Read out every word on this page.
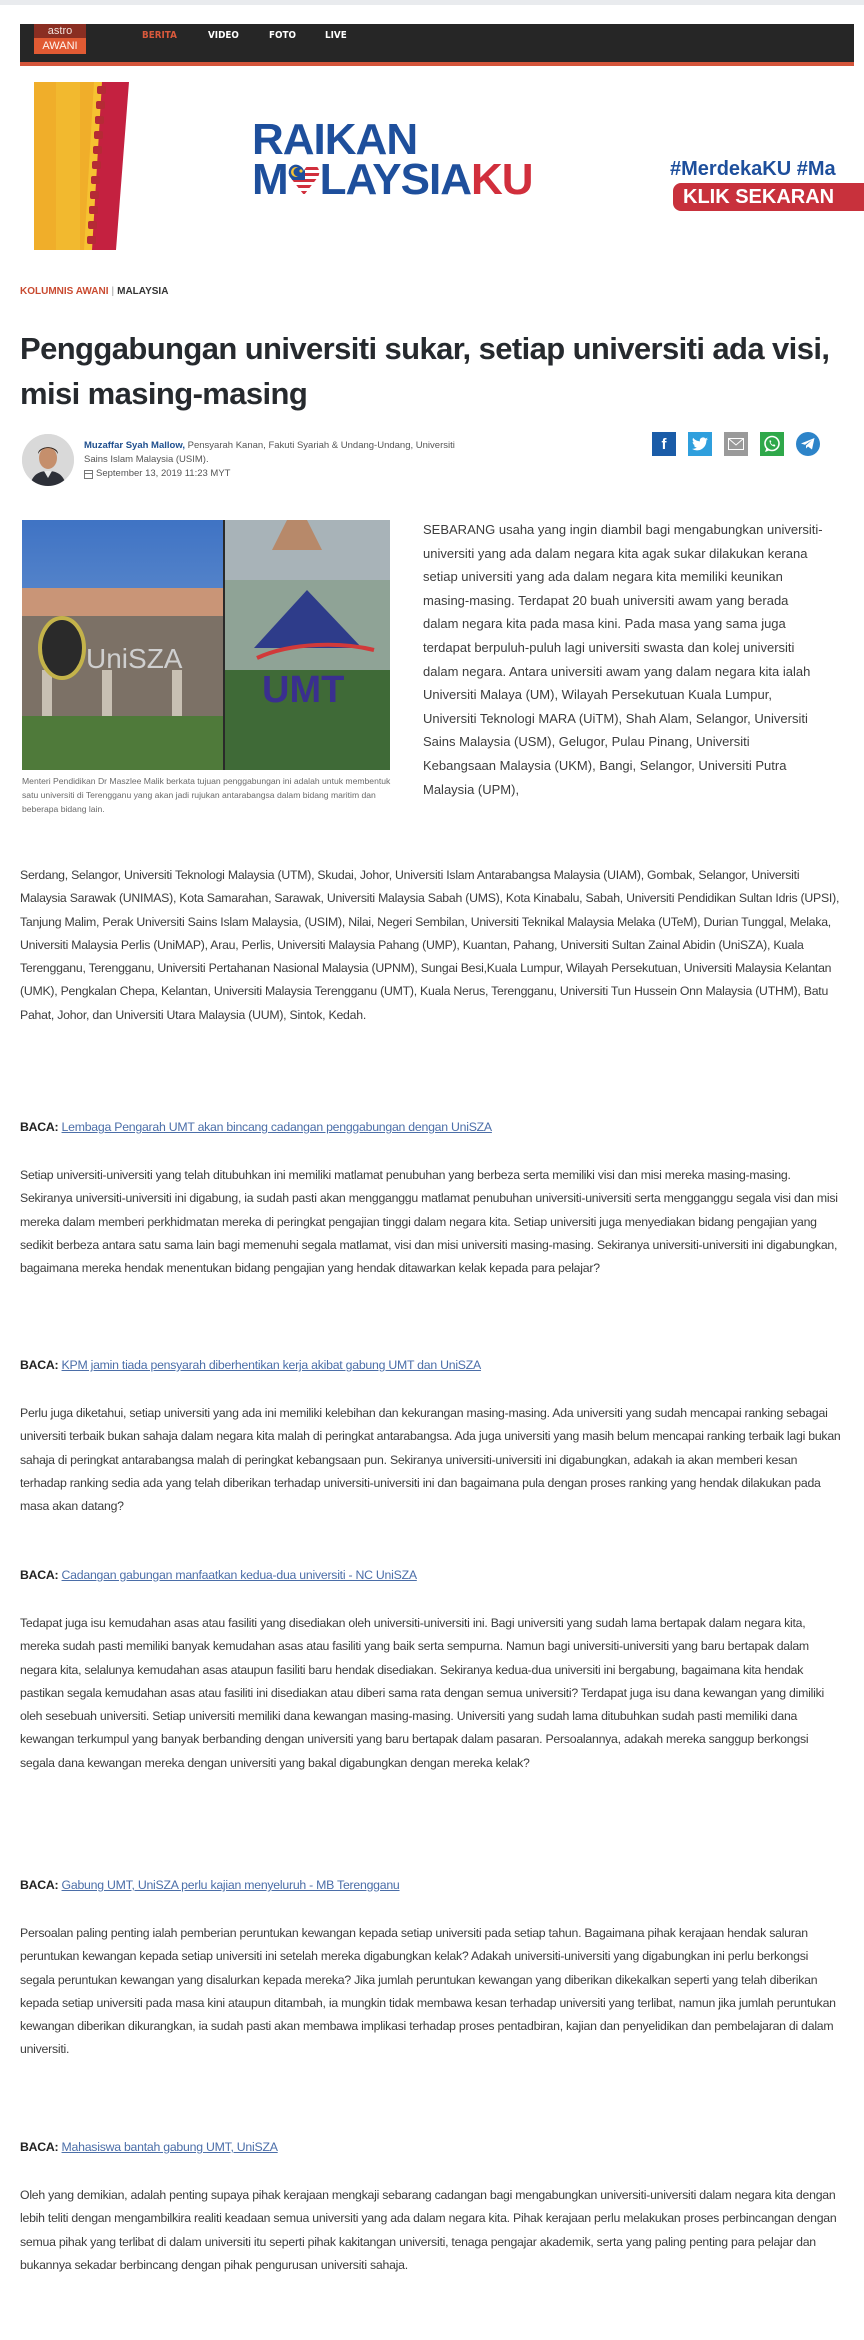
astro
AWANI
BERITA	VIDEO	FOTO	LIVE
RAIKAN
M LAYSIAKU	#MerdekaKU #Ma
KLIK SEKARAN
KOLUMNIS AWANI | MALAYSIA
Penggabungan universiti sukar, setiap universiti ada visi, misi masing-masing
Muzaffar Syah Mallow, Pensyarah Kanan, Fakuti Syariah & Undang-Undang, Universiti
Sains Islam Malaysia (USIM).
September 13, 2019 11:23 MYT
f
UniSZA
UMT
Menteri Pendidikan Dr Maszlee Malik berkata tujuan penggabungan ini adalah untuk membentuk satu universiti di Terengganu yang akan jadi rujukan antarabangsa dalam bidang maritim dan beberapa bidang lain.

SEBARANG usaha yang ingin diambil bagi mengabungkan universiti-universiti yang ada dalam negara kita agak sukar dilakukan kerana setiap universiti yang ada dalam negara kita memiliki keunikan masing-masing. Terdapat 20 buah universiti awam yang berada dalam negara kita pada masa kini. Pada masa yang sama juga terdapat berpuluh-puluh lagi universiti swasta dan kolej universiti dalam negara. Antara universiti awam yang dalam negara kita ialah Universiti Malaya (UM), Wilayah Persekutuan Kuala Lumpur, Universiti Teknologi MARA (UiTM), Shah Alam, Selangor, Universiti Sains Malaysia (USM), Gelugor, Pulau Pinang, Universiti Kebangsaan Malaysia (UKM), Bangi, Selangor, Universiti Putra Malaysia (UPM),

Serdang, Selangor, Universiti Teknologi Malaysia (UTM), Skudai, Johor, Universiti Islam Antarabangsa Malaysia (UIAM), Gombak, Selangor, Universiti Malaysia Sarawak (UNIMAS), Kota Samarahan, Sarawak, Universiti Malaysia Sabah (UMS), Kota Kinabalu, Sabah, Universiti Pendidikan Sultan Idris (UPSI), Tanjung Malim, Perak Universiti Sains Islam Malaysia, (USIM), Nilai, Negeri Sembilan, Universiti Teknikal Malaysia Melaka (UTeM), Durian Tunggal, Melaka, Universiti Malaysia Perlis (UniMAP), Arau, Perlis, Universiti Malaysia Pahang (UMP), Kuantan, Pahang, Universiti Sultan Zainal Abidin (UniSZA), Kuala Terengganu, Terengganu, Universiti Pertahanan Nasional Malaysia (UPNM), Sungai Besi,Kuala Lumpur, Wilayah Persekutuan, Universiti Malaysia Kelantan (UMK), Pengkalan Chepa, Kelantan, Universiti Malaysia Terengganu (UMT), Kuala Nerus, Terengganu, Universiti Tun Hussein Onn Malaysia (UTHM), Batu Pahat, Johor, dan Universiti Utara Malaysia (UUM), Sintok, Kedah.

BACA: Lembaga Pengarah UMT akan bincang cadangan penggabungan dengan UniSZA

Setiap universiti-universiti yang telah ditubuhkan ini memiliki matlamat penubuhan yang berbeza serta memiliki visi dan misi mereka masing-masing. Sekiranya universiti-universiti ini digabung, ia sudah pasti akan mengganggu matlamat penubuhan universiti-universiti serta mengganggu segala visi dan misi mereka dalam memberi perkhidmatan mereka di peringkat pengajian tinggi dalam negara kita. Setiap universiti juga menyediakan bidang pengajian yang sedikit berbeza antara satu sama lain bagi memenuhi segala matlamat, visi dan misi universiti masing-masing. Sekiranya universiti-universiti ini digabungkan, bagaimana mereka hendak menentukan bidang pengajian yang hendak ditawarkan kelak kepada para pelajar?

BACA: KPM jamin tiada pensyarah diberhentikan kerja akibat gabung UMT dan UniSZA

Perlu juga diketahui, setiap universiti yang ada ini memiliki kelebihan dan kekurangan masing-masing. Ada universiti yang sudah mencapai ranking sebagai universiti terbaik bukan sahaja dalam negara kita malah di peringkat antarabangsa. Ada juga universiti yang masih belum mencapai ranking terbaik lagi bukan sahaja di peringkat antarabangsa malah di peringkat kebangsaan pun. Sekiranya universiti-universiti ini digabungkan, adakah ia akan memberi kesan terhadap ranking sedia ada yang telah diberikan terhadap universiti-universiti ini dan bagaimana pula dengan proses ranking yang hendak dilakukan pada masa akan datang?

BACA: Cadangan gabungan manfaatkan kedua-dua universiti - NC UniSZA

Tedapat juga isu kemudahan asas atau fasiliti yang disediakan oleh universiti-universiti ini. Bagi universiti yang sudah lama bertapak dalam negara kita, mereka sudah pasti memiliki banyak kemudahan asas atau fasiliti yang baik serta sempurna. Namun bagi universiti-universiti yang baru bertapak dalam negara kita, selalunya kemudahan asas ataupun fasiliti baru hendak disediakan. Sekiranya kedua-dua universiti ini bergabung, bagaimana kita hendak pastikan segala kemudahan asas atau fasiliti ini disediakan atau diberi sama rata dengan semua universiti? Terdapat juga isu dana kewangan yang dimiliki oleh sesebuah universiti. Setiap universiti memiliki dana kewangan masing-masing. Universiti yang sudah lama ditubuhkan sudah pasti memiliki dana kewangan terkumpul yang banyak berbanding dengan universiti yang baru bertapak dalam pasaran. Persoalannya, adakah mereka sanggup berkongsi segala dana kewangan mereka dengan universiti yang bakal digabungkan dengan mereka kelak?

BACA: Gabung UMT, UniSZA perlu kajian menyeluruh - MB Terengganu

Persoalan paling penting ialah pemberian peruntukan kewangan kepada setiap universiti pada setiap tahun. Bagaimana pihak kerajaan hendak saluran peruntukan kewangan kepada setiap universiti ini setelah mereka digabungkan kelak? Adakah universiti-universiti yang digabungkan ini perlu berkongsi segala peruntukan kewangan yang disalurkan kepada mereka? Jika jumlah peruntukan kewangan yang diberikan dikekalkan seperti yang telah diberikan kepada setiap universiti pada masa kini ataupun ditambah, ia mungkin tidak membawa kesan terhadap universiti yang terlibat, namun jika jumlah peruntukan kewangan diberikan dikurangkan, ia sudah pasti akan membawa implikasi terhadap proses pentadbiran, kajian dan penyelidikan dan pembelajaran di dalam universiti.

BACA: Mahasiswa bantah gabung UMT, UniSZA

Oleh yang demikian, adalah penting supaya pihak kerajaan mengkaji sebarang cadangan bagi mengabungkan universiti-universiti dalam negara kita dengan lebih teliti dengan mengambilkira realiti keadaan semua universiti yang ada dalam negara kita. Pihak kerajaan perlu melakukan proses perbincangan dengan semua pihak yang terlibat di dalam universiti itu seperti pihak kakitangan universiti, tenaga pengajar akademik, serta yang paling penting para pelajar dan bukannya sekadar berbincang dengan pihak pengurusan universiti sahaja.
